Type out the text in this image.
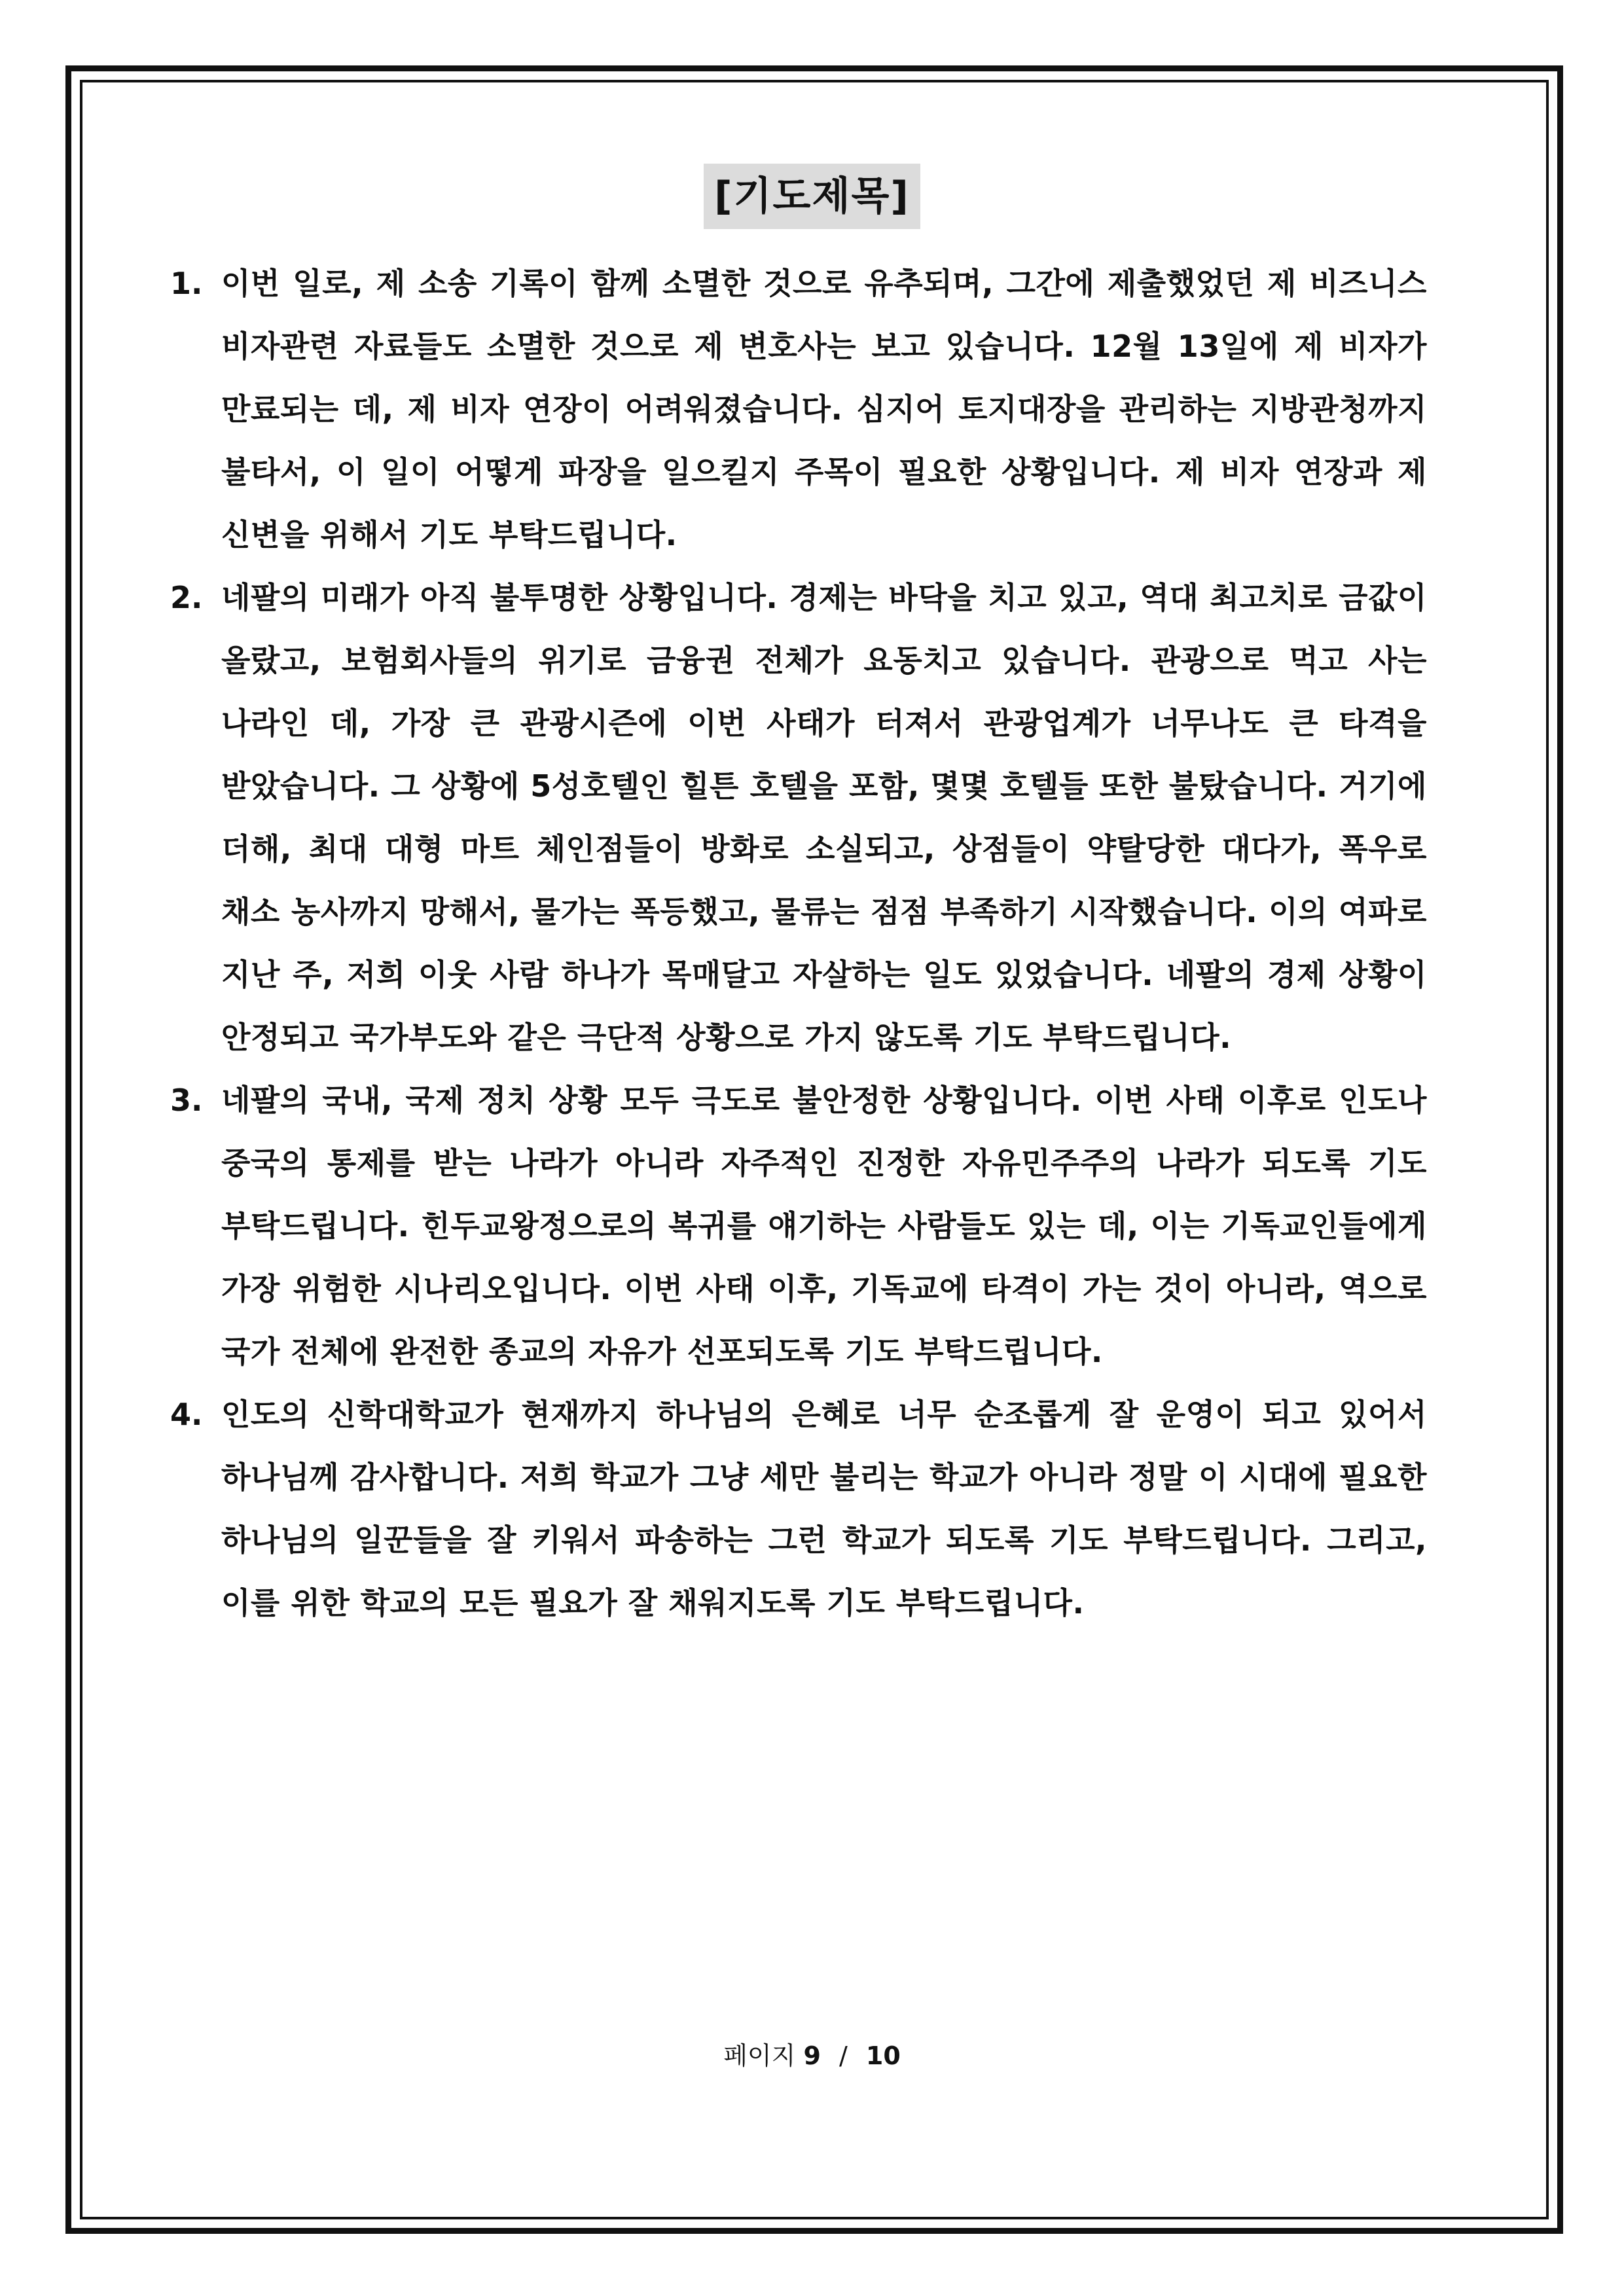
[기도제목]
1. 이번 일로, 제 소송 기록이 함께 소멸한 것으로 유추되며, 그간에 제출했었던 제 비즈니스 비자관련 자료들도 소멸한 것으로 제 변호사는 보고 있습니다. 12월 13일에 제 비자가 만료되는 데, 제 비자 연장이 어려워졌습니다. 심지어 토지대장을 관리하는 지방관청까지 불타서, 이 일이 어떻게 파장을 일으킬지 주목이 필요한 상황입니다. 제 비자 연장과 제 신변을 위해서 기도 부탁드립니다.
2. 네팔의 미래가 아직 불투명한 상황입니다. 경제는 바닥을 치고 있고, 역대 최고치로 금값이 올랐고, 보험회사들의 위기로 금융권 전체가 요동치고 있습니다. 관광으로 먹고 사는 나라인 데, 가장 큰 관광시즌에 이번 사태가 터져서 관광업계가 너무나도 큰 타격을 받았습니다. 그 상황에 5성호텔인 힐튼 호텔을 포함, 몇몇 호텔들 또한 불탔습니다. 거기에 더해, 최대 대형 마트 체인점들이 방화로 소실되고, 상점들이 약탈당한 대다가, 폭우로 채소 농사까지 망해서, 물가는 폭등했고, 물류는 점점 부족하기 시작했습니다. 이의 여파로 지난 주, 저희 이웃 사람 하나가 목매달고 자살하는 일도 있었습니다. 네팔의 경제 상황이 안정되고 국가부도와 같은 극단적 상황으로 가지 않도록 기도 부탁드립니다.
3. 네팔의 국내, 국제 정치 상황 모두 극도로 불안정한 상황입니다. 이번 사태 이후로 인도나 중국의 통제를 받는 나라가 아니라 자주적인 진정한 자유민주주의 나라가 되도록 기도 부탁드립니다. 힌두교왕정으로의 복귀를 얘기하는 사람들도 있는 데, 이는 기독교인들에게 가장 위험한 시나리오입니다. 이번 사태 이후, 기독교에 타격이 가는 것이 아니라, 역으로 국가 전체에 완전한 종교의 자유가 선포되도록 기도 부탁드립니다.
4. 인도의 신학대학교가 현재까지 하나님의 은혜로 너무 순조롭게 잘 운영이 되고 있어서 하나님께 감사합니다. 저희 학교가 그냥 세만 불리는 학교가 아니라 정말 이 시대에 필요한 하나님의 일꾼들을 잘 키워서 파송하는 그런 학교가 되도록 기도 부탁드립니다. 그리고, 이를 위한 학교의 모든 필요가 잘 채워지도록 기도 부탁드립니다.
페이지 9 / 10
